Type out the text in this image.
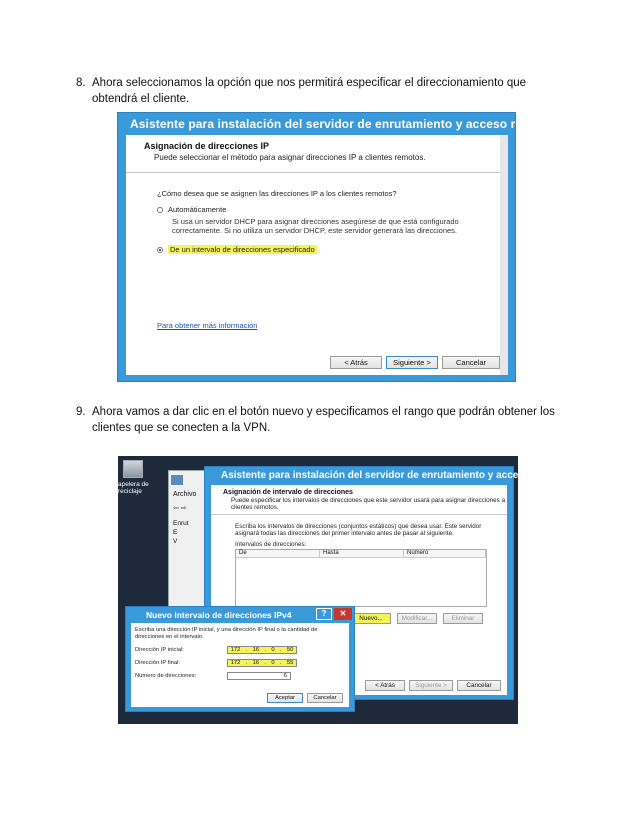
8. Ahora seleccionamos la opción que nos permitirá especificar el direccionamiento que obtendrá el cliente.
Asistente para instalación del servidor de enrutamiento y acceso remoto
Asignación de direcciones IP
Puede seleccionar el método para asignar direcciones IP a clientes remotos.
¿Cómo desea que se asignen las direcciones IP a los clientes remotos?
Automáticamente
Si usa un servidor DHCP para asignar direcciones asegúrese de que está configurado correctamente. Si no utiliza un servidor DHCP, este servidor generará las direcciones.
De un intervalo de direcciones especificado
Para obtener más información
< Atrás	Siguiente >	Cancelar
9. Ahora vamos a dar clic en el botón nuevo y especificamos el rango que podrán obtener los clientes que se conecten a la VPN.
apelera de reciclaje	Archivo
⇦ ⇨
Enrut
E
V
Asistente para instalación del servidor de enrutamiento y acceso remoto
Asignación de intervalo de direcciones
Puede especificar los intervalos de direcciones que este servidor usará para asignar direcciones a clientes remotos.
Escriba los intervalos de direcciones (conjuntos estáticos) que desea usar. Este servidor asignará todas las direcciones del primer intervalo antes de pasar al siguiente.
Intervalos de direcciones:
De	Hasta	Número
Nuevo...	Modificar...	Eliminar
< Atrás	Siguiente >	Cancelar
Nuevo intervalo de direcciones IPv4	?	✕
Escriba una dirección IP inicial, y una dirección IP final o la cantidad de direcciones en el intervalo.
Dirección IP inicial:	172 . 16 . 0 . 50
Dirección IP final:	172 . 16 . 0 . 55
Número de direcciones:	6
Aceptar	Cancelar
